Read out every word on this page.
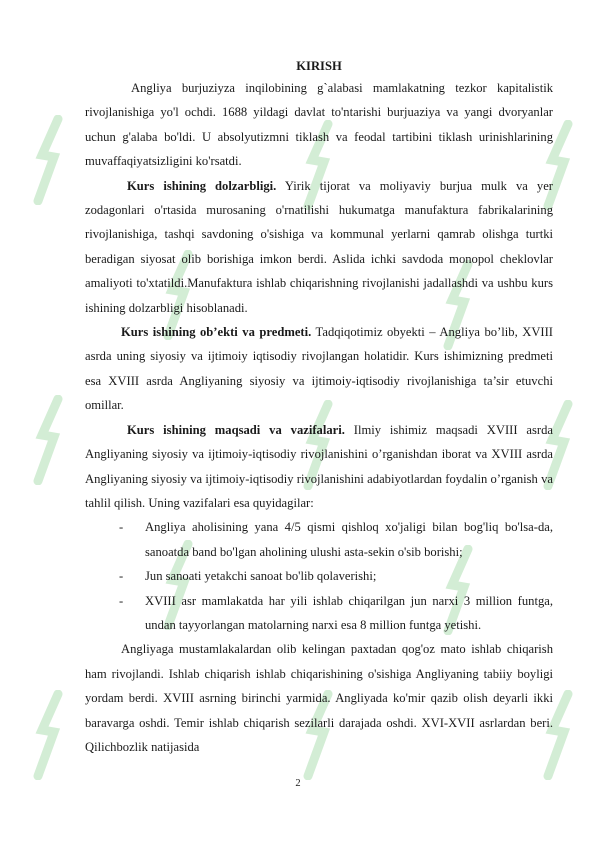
KIRISH

Angliya burjuziyza inqilobining g`alabasi mamlakatning tezkor kapitalistik rivojlanishiga yo'l ochdi. 1688 yildagi davlat to'ntarishi burjuaziya va yangi dvoryanlar uchun g'alaba bo'ldi. U absolyutizmni tiklash va feodal tartibini tiklash urinishlarining muvaffaqiyatsizligini ko'rsatdi.

Kurs ishining dolzarbligi. Yirik tijorat va moliyaviy burjua mulk va yer zodagonlari o'rtasida murosaning o'rnatilishi hukumatga manufaktura fabrikalarining rivojlanishiga, tashqi savdoning o'sishiga va kommunal yerlarni qamrab olishga turtki beradigan siyosat olib borishiga imkon berdi. Aslida ichki savdoda monopol cheklovlar amaliyoti to'xtatildi.Manufaktura ishlab chiqarishning rivojlanishi jadallashdi va ushbu kurs ishining dolzarbligi hisoblanadi.

Kurs ishining ob’ekti va predmeti. Tadqiqotimiz obyekti – Angliya bo’lib, XVIII asrda uning siyosiy va ijtimoiy iqtisodiy rivojlangan holatidir. Kurs ishimizning predmeti esa XVIII asrda Angliyaning siyosiy va ijtimoiy-iqtisodiy rivojlanishiga ta’sir etuvchi omillar.

Kurs ishining maqsadi va vazifalari. Ilmiy ishimiz maqsadi XVIII asrda Angliyaning siyosiy va ijtimoiy-iqtisodiy rivojlanishini o’rganishdan iborat va XVIII asrda Angliyaning siyosiy va ijtimoiy-iqtisodiy rivojlanishini adabiyotlardan foydalin o’rganish va tahlil qilish. Uning vazifalari esa quyidagilar:

- Angliya aholisining yana 4/5 qismi qishloq xo'jaligi bilan bog'liq bo'lsa-da, sanoatda band bo'lgan aholining ulushi asta-sekin o'sib borishi;
- Jun sanoati yetakchi sanoat bo'lib qolaverishi;
- XVIII asr mamlakatda har yili ishlab chiqarilgan jun narxi 3 million funtga, undan tayyorlangan matolarning narxi esa 8 million funtga yetishi.

Angliyaga mustamlakalardan olib kelingan paxtadan qog'oz mato ishlab chiqarish ham rivojlandi. Ishlab chiqarish ishlab chiqarishining o'sishiga Angliyaning tabiiy boyligi yordam berdi. XVIII asrning birinchi yarmida. Angliyada ko'mir qazib olish deyarli ikki baravarga oshdi. Temir ishlab chiqarish sezilarli darajada oshdi. XVI-XVII asrlardan beri. Qilichbozlik natijasida

2
